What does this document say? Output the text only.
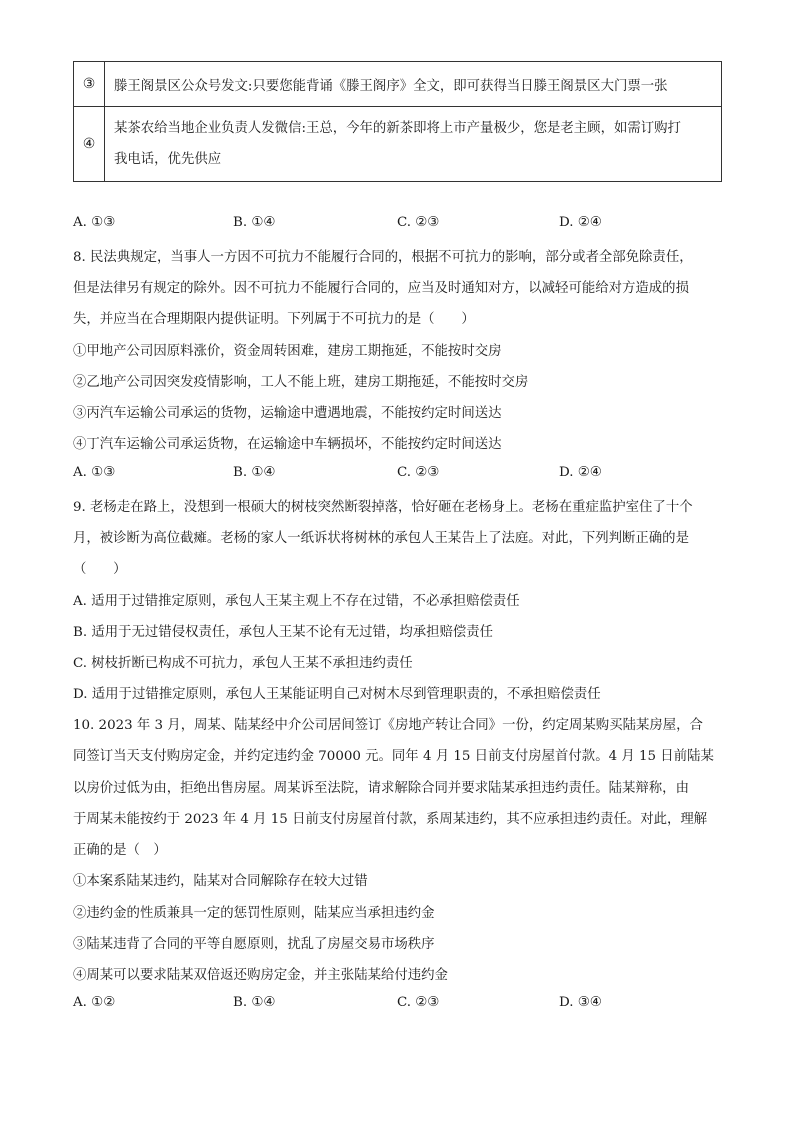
③	滕王阁景区公众号发文:只要您能背诵《滕王阁序》全文，即可获得当日滕王阁景区大门票一张
④	某茶农给当地企业负责人发微信:王总，今年的新茶即将上市产量极少，您是老主顾，如需订购打
我电话，优先供应
A. ①③	B. ①④	C. ②③	D. ②④
8. 民法典规定，当事人一方因不可抗力不能履行合同的，根据不可抗力的影响，部分或者全部免除责任，
但是法律另有规定的除外。因不可抗力不能履行合同的，应当及时通知对方，以减轻可能给对方造成的损
失，并应当在合理期限内提供证明。下列属于不可抗力的是（　　）
①甲地产公司因原料涨价，资金周转困难，建房工期拖延，不能按时交房
②乙地产公司因突发疫情影响，工人不能上班，建房工期拖延，不能按时交房
③丙汽车运输公司承运的货物，运输途中遭遇地震，不能按约定时间送达
④丁汽车运输公司承运货物，在运输途中车辆损坏，不能按约定时间送达
A. ①③	B. ①④	C. ②③	D. ②④
9. 老杨走在路上，没想到一根硕大的树枝突然断裂掉落，恰好砸在老杨身上。老杨在重症监护室住了十个
月，被诊断为高位截瘫。老杨的家人一纸诉状将树林的承包人王某告上了法庭。对此，下列判断正确的是
（　　）
A. 适用于过错推定原则，承包人王某主观上不存在过错，不必承担赔偿责任
B. 适用于无过错侵权责任，承包人王某不论有无过错，均承担赔偿责任
C. 树枝折断已构成不可抗力，承包人王某不承担违约责任
D. 适用于过错推定原则，承包人王某能证明自己对树木尽到管理职责的，不承担赔偿责任
10. 2023 年 3 月，周某、陆某经中介公司居间签订《房地产转让合同》一份，约定周某购买陆某房屋，合
同签订当天支付购房定金，并约定违约金 70000 元。同年 4 月 15 日前支付房屋首付款。4 月 15 日前陆某
以房价过低为由，拒绝出售房屋。周某诉至法院，请求解除合同并要求陆某承担违约责任。陆某辩称，由
于周某未能按约于 2023 年 4 月 15 日前支付房屋首付款，系周某违约，其不应承担违约责任。对此，理解
正确的是（　）
①本案系陆某违约，陆某对合同解除存在较大过错
②违约金的性质兼具一定的惩罚性原则，陆某应当承担违约金
③陆某违背了合同的平等自愿原则，扰乱了房屋交易市场秩序
④周某可以要求陆某双倍返还购房定金，并主张陆某给付违约金
A. ①②	B. ①④	C. ②③	D. ③④
